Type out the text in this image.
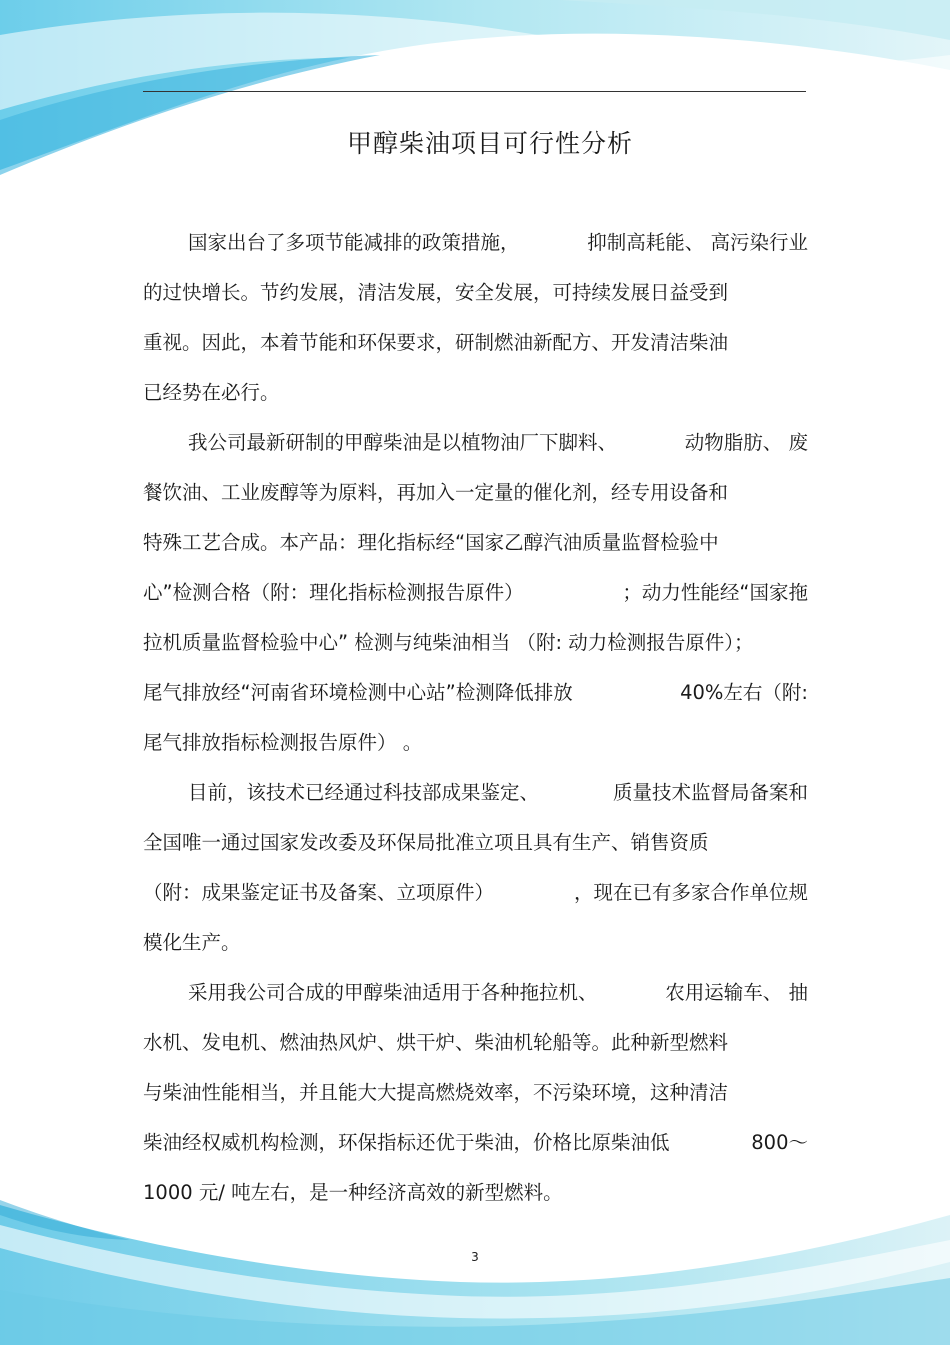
甲醇柴油项目可行性分析
国家出台了多项节能减排的政策措施，	抑制高耗能、 高污染行业
的过快增长。节约发展，清洁发展，安全发展，可持续发展日益受到
重视。因此，本着节能和环保要求，研制燃油新配方、开发清洁柴油
已经势在必行。
我公司最新研制的甲醇柴油是以植物油厂下脚料、	动物脂肪、 废
餐饮油、工业废醇等为原料，再加入一定量的催化剂，经专用设备和
特殊工艺合成。本产品：理化指标经“国家乙醇汽油质量监督检验中
心”检测合格（附：理化指标检测报告原件）	；动力性能经“国家拖
拉机质量监督检验中心” 检测与纯柴油相当 （附: 动力检测报告原件）；
尾气排放经“河南省环境检测中心站”检测降低排放	40%左右（附:
尾气排放指标检测报告原件） 。
目前，该技术已经通过科技部成果鉴定、	质量技术监督局备案和
全国唯一通过国家发改委及环保局批准立项且具有生产、销售资质
（附：成果鉴定证书及备案、立项原件）	，现在已有多家合作单位规
模化生产。
采用我公司合成的甲醇柴油适用于各种拖拉机、	农用运输车、 抽
水机、发电机、燃油热风炉、烘干炉、柴油机轮船等。此种新型燃料
与柴油性能相当，并且能大大提高燃烧效率，不污染环境，这种清洁
柴油经权威机构检测，环保指标还优于柴油，价格比原柴油低	800～
1000 元/ 吨左右，是一种经济高效的新型燃料。
3
